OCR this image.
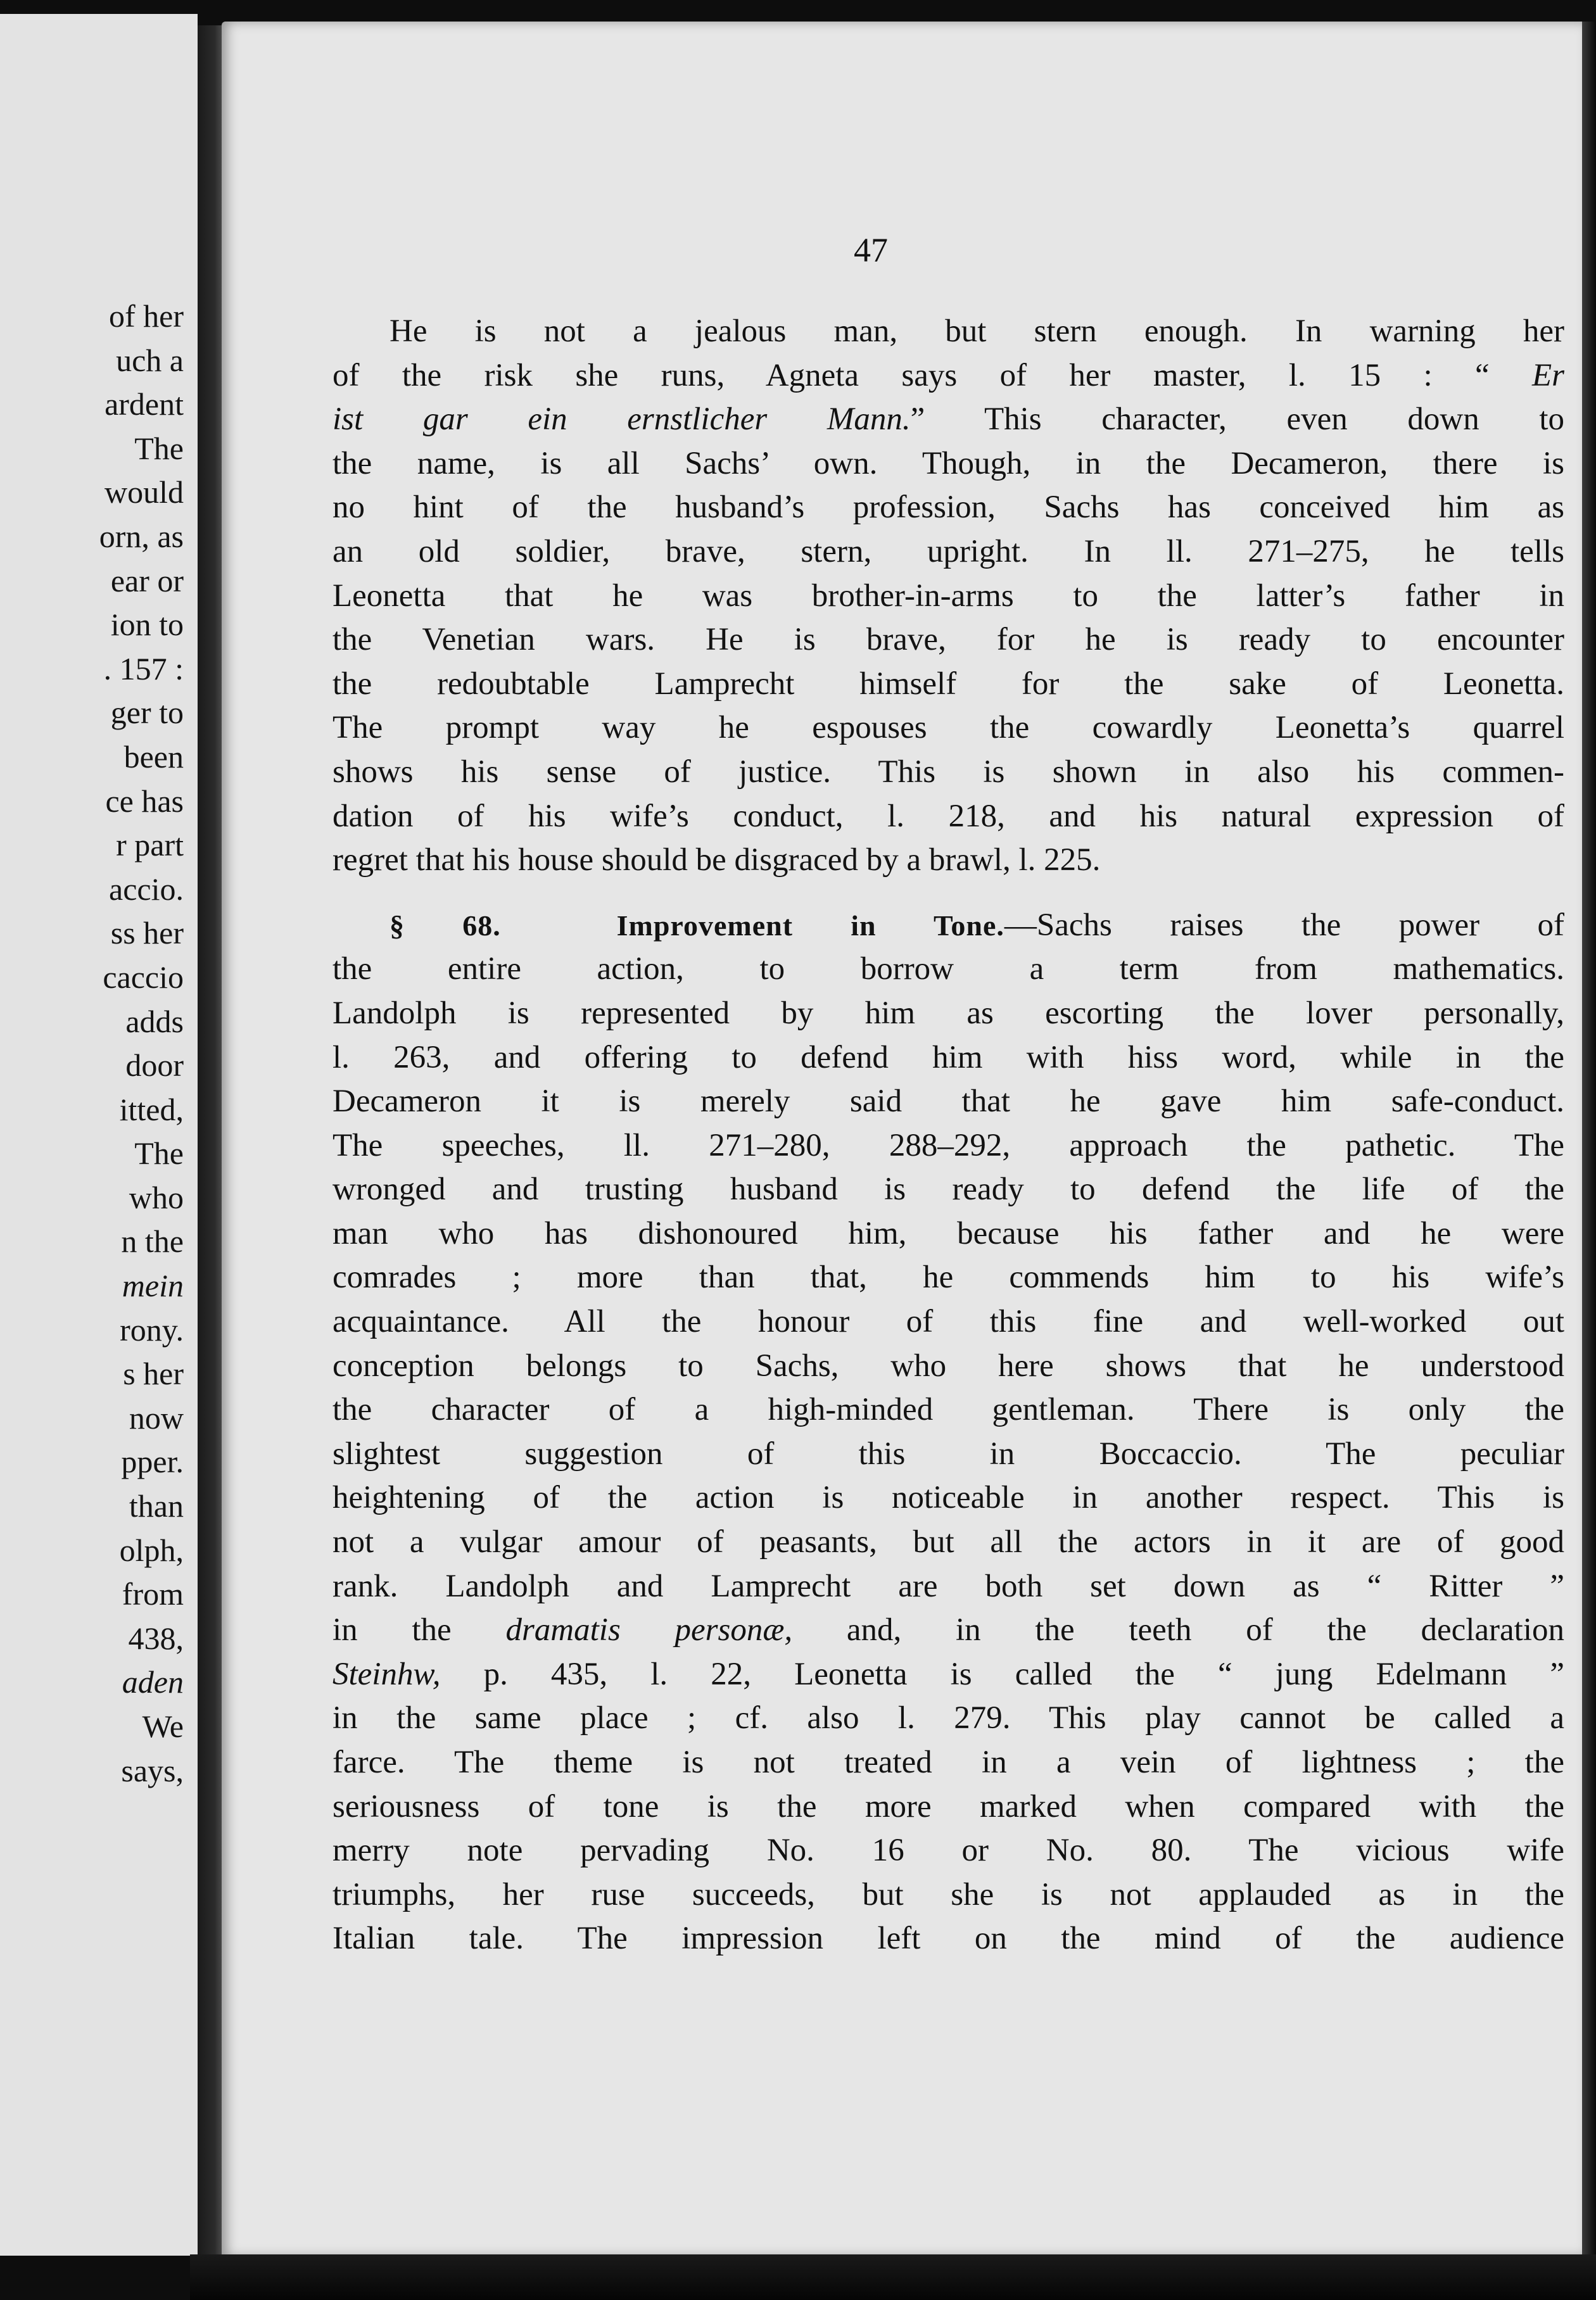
of her
uch a
ardent
The
would
orn, as
ear or
ion to
. 157 :
ger to
been
ce has
r part
accio.
ss her
caccio
adds
door
itted,
The
who
n the
mein
rony.
s her
now
pper.
than
olph,
from
438,
aden
We
says,
47
He is not a jealous man, but stern enough. In warning her
of the risk she runs, Agneta says of her master, l. 15 : “ Er
ist gar ein ernstlicher Mann.” This character, even down to
the name, is all Sachs’ own. Though, in the Decameron, there is
no hint of the husband’s profession, Sachs has conceived him as
an old soldier, brave, stern, upright. In ll. 271–275, he tells
Leonetta that he was brother-in-arms to the latter’s father in
the Venetian wars. He is brave, for he is ready to encounter
the redoubtable Lamprecht himself for the sake of Leonetta.
The prompt way he espouses the cowardly Leonetta’s quarrel
shows his sense of justice. This is shown in also his commen-
dation of his wife’s conduct, l. 218, and his natural expression of
regret that his house should be disgraced by a brawl, l. 225.
§ 68.	Improvement in Tone.—Sachs raises the power of
the entire action, to borrow a term from mathematics.
Landolph is represented by him as escorting the lover personally,
l. 263, and offering to defend him with hiss word, while in the
Decameron it is merely said that he gave him safe-conduct.
The speeches, ll. 271–280, 288–292, approach the pathetic. The
wronged and trusting husband is ready to defend the life of the
man who has dishonoured him, because his father and he were
comrades ; more than that, he commends him to his wife’s
acquaintance. All the honour of this fine and well-worked out
conception belongs to Sachs, who here shows that he understood
the character of a high-minded gentleman. There is only the
slightest suggestion of this in Boccaccio. The peculiar
heightening of the action is noticeable in another respect. This is
not a vulgar amour of peasants, but all the actors in it are of good
rank. Landolph and Lamprecht are both set down as “ Ritter ”
in the dramatis personæ, and, in the teeth of the declaration
Steinhw, p. 435, l. 22, Leonetta is called the “ jung Edelmann ”
in the same place ; cf. also l. 279. This play cannot be called a
farce. The theme is not treated in a vein of lightness ; the
seriousness of tone is the more marked when compared with the
merry note pervading No. 16 or No. 80. The vicious wife
triumphs, her ruse succeeds, but she is not applauded as in the
Italian tale. The impression left on the mind of the audience
